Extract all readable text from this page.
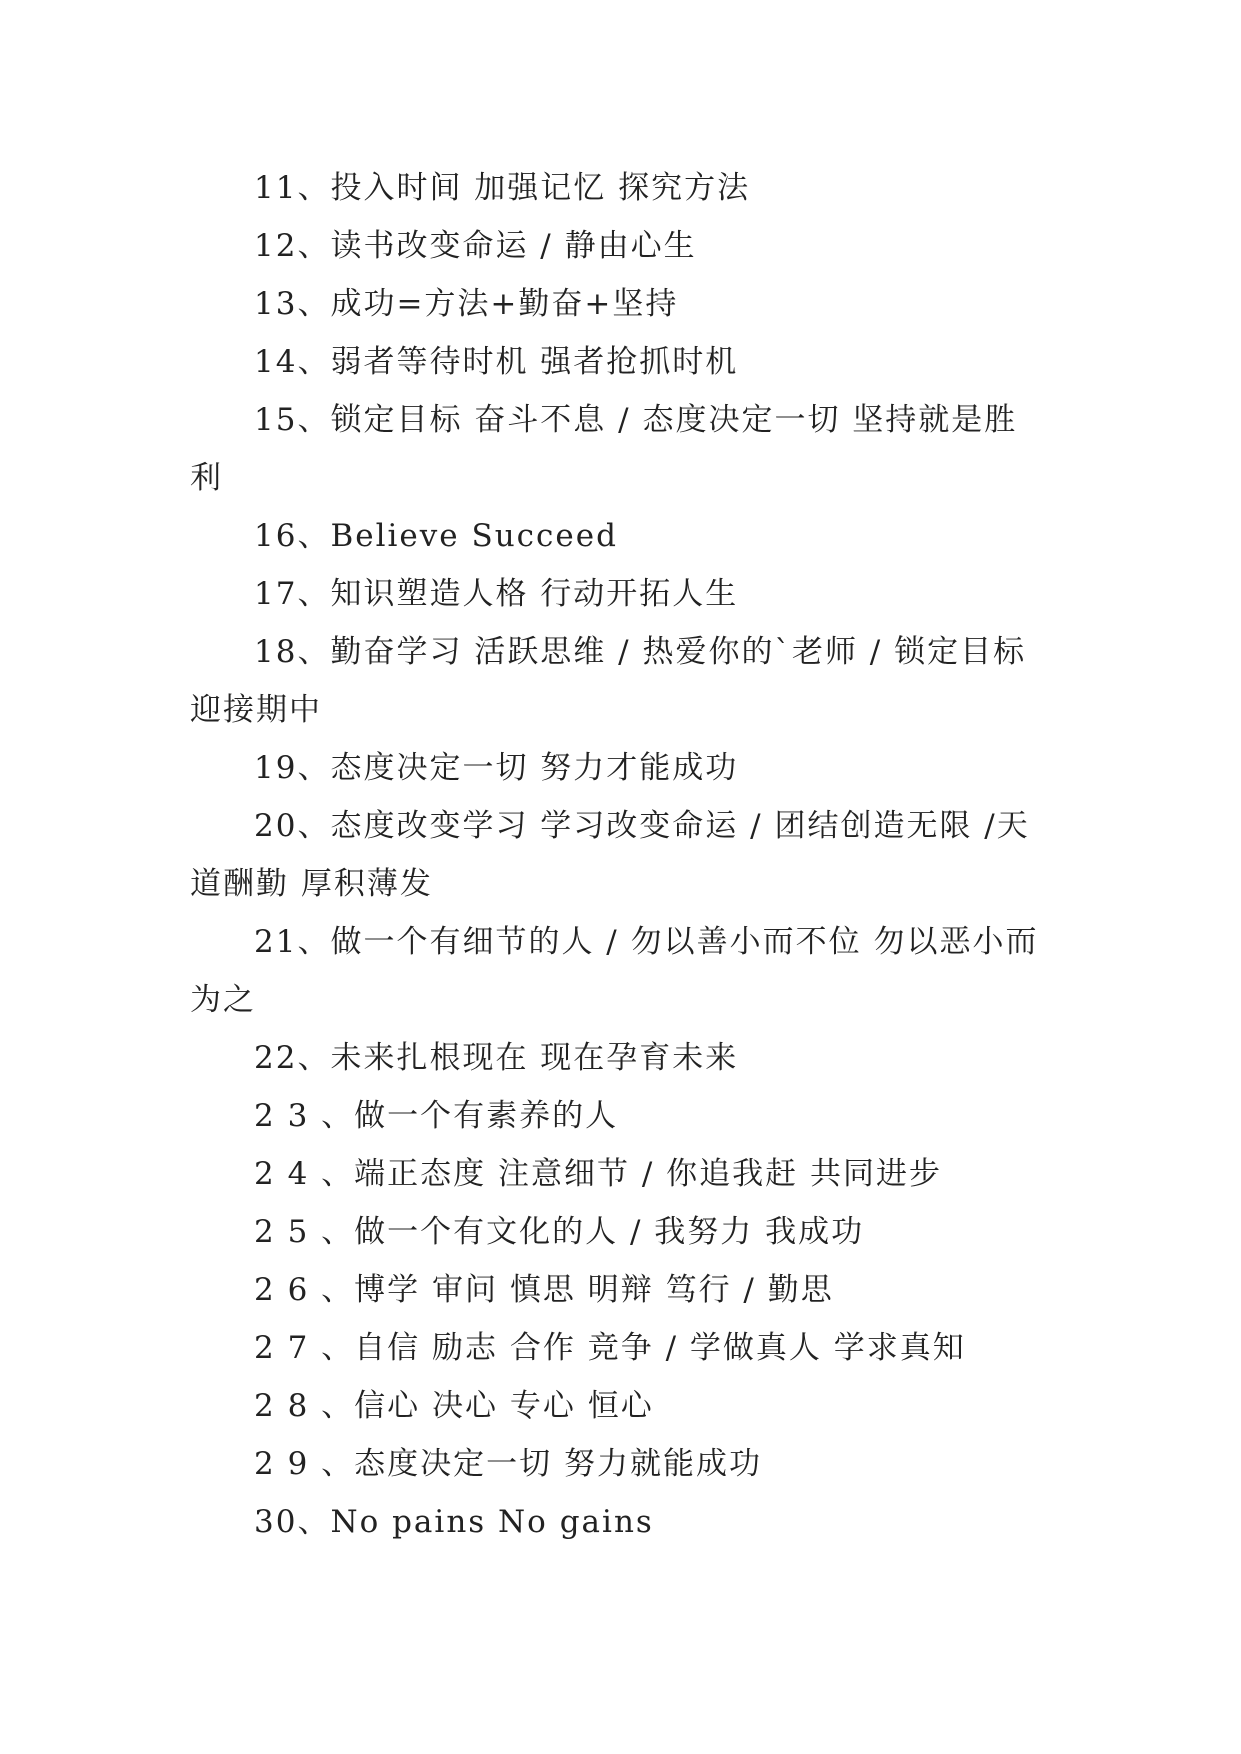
11、投入时间 加强记忆 探究方法

12、读书改变命运 / 静由心生

13、成功=方法+勤奋+坚持

14、弱者等待时机 强者抢抓时机

15、锁定目标 奋斗不息 / 态度决定一切 坚持就是胜利

16、Believe Succeed

17、知识塑造人格 行动开拓人生

18、勤奋学习 活跃思维 / 热爱你的`老师 / 锁定目标迎接期中

19、态度决定一切 努力才能成功

20、态度改变学习 学习改变命运 / 团结创造无限 /天道酬勤 厚积薄发

21、做一个有细节的人 / 勿以善小而不位 勿以恶小而为之

22、未来扎根现在 现在孕育未来

2 3 、做一个有素养的人

2 4 、端正态度 注意细节 / 你追我赶 共同进步

2 5 、做一个有文化的人 / 我努力 我成功

2 6 、博学 审问 慎思 明辩 笃行 / 勤思

2 7 、自信 励志 合作 竞争 / 学做真人 学求真知

2 8 、信心 决心 专心 恒心

2 9 、态度决定一切 努力就能成功

30、No pains No gains
